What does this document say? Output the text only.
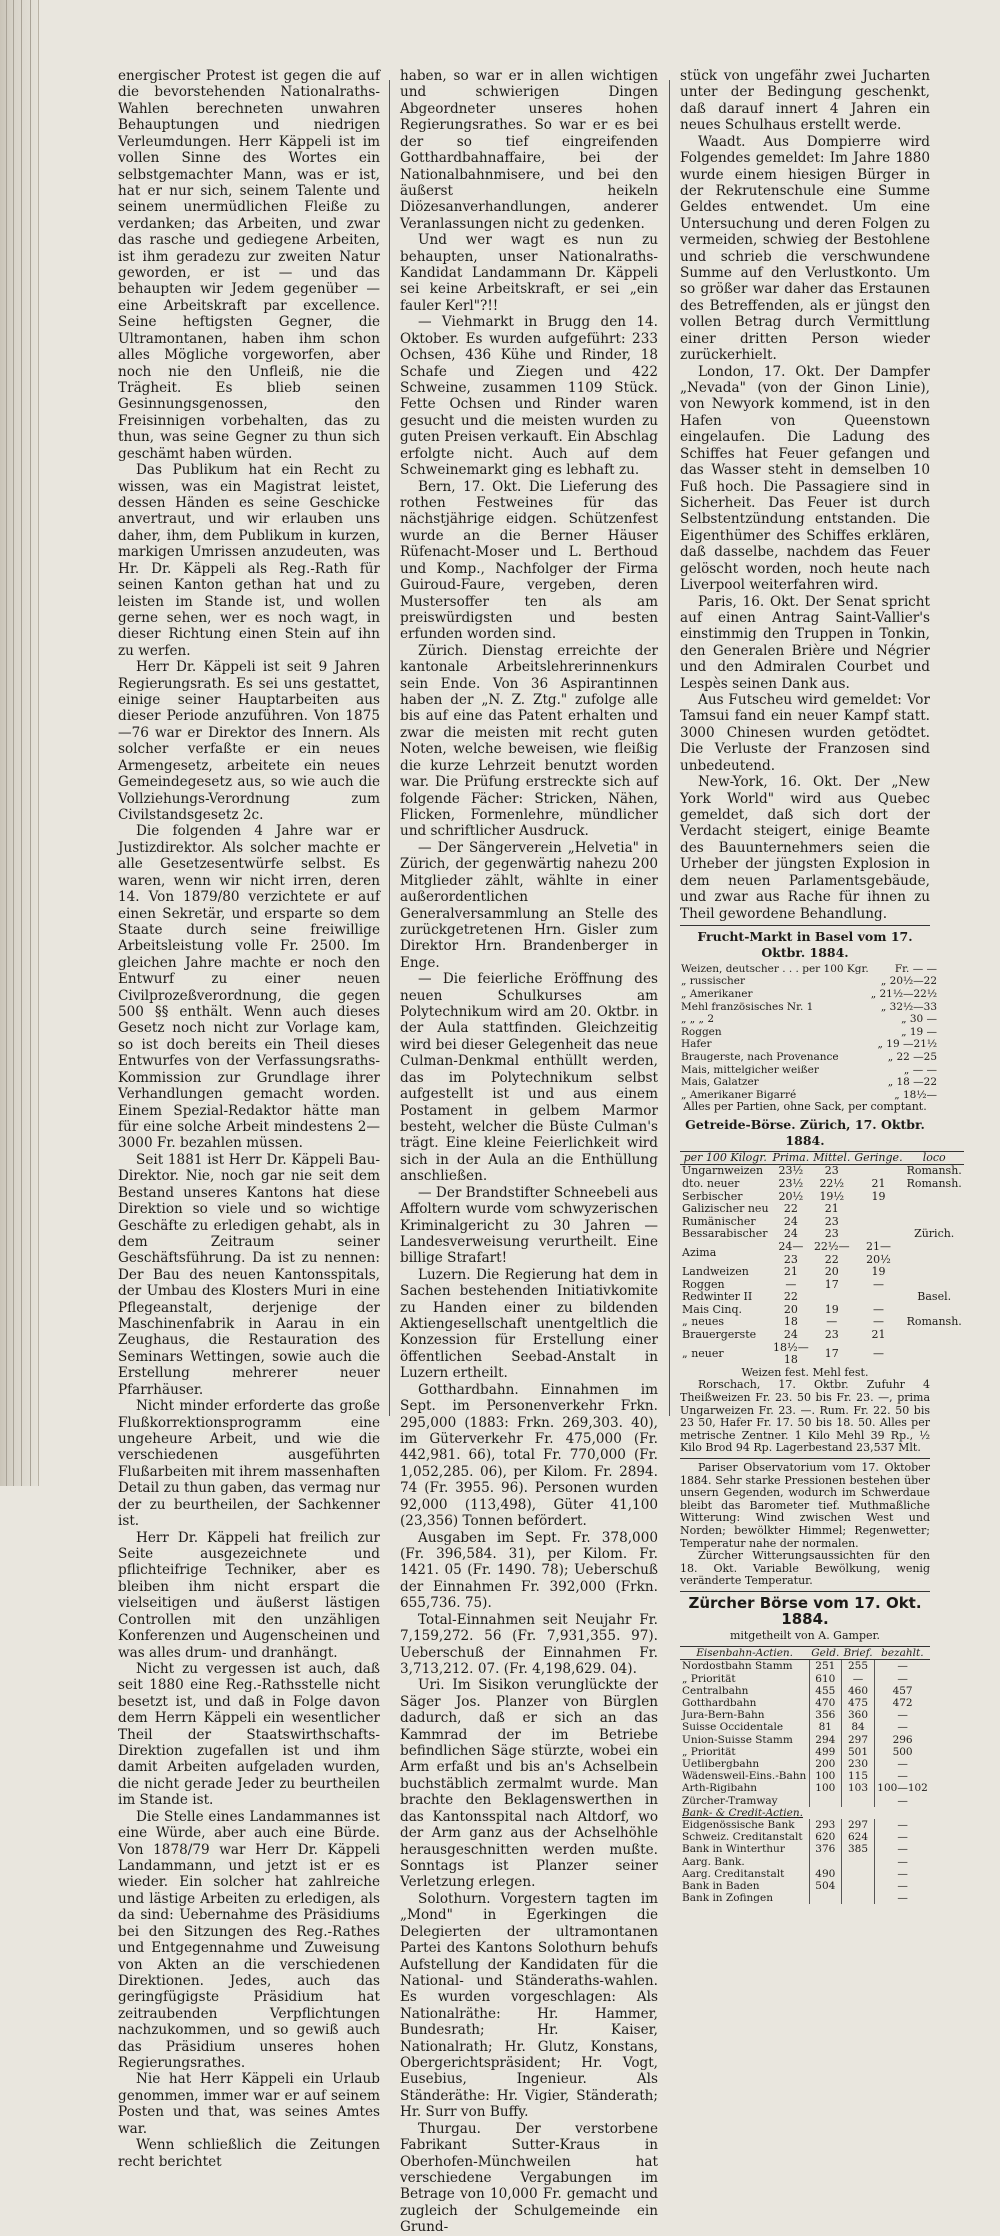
energischer Protest ist gegen die auf die bevorstehenden Nationalraths-Wahlen berechneten unwahren Behauptungen und niedrigen Verleumdungen. Herr Käppeli ist im vollen Sinne des Wortes ein selbstgemachter Mann, was er ist, hat er nur sich, seinem Talente und seinem unermüdlichen Fleiße zu verdanken; das Arbeiten, und zwar das rasche und gediegene Arbeiten, ist ihm geradezu zur zweiten Natur geworden, er ist — und das behaupten wir Jedem gegenüber — eine Arbeitskraft par excellence. Seine heftigsten Gegner, die Ultramontanen, haben ihm schon alles Mögliche vorgeworfen, aber noch nie den Unfleiß, nie die Trägheit. Es blieb seinen Gesinnungsgenossen, den Freisinnigen vorbehalten, das zu thun, was seine Gegner zu thun sich geschämt haben würden.

Das Publikum hat ein Recht zu wissen, was ein Magistrat leistet, dessen Händen es seine Geschicke anvertraut, und wir erlauben uns daher, ihm, dem Publikum in kurzen, markigen Umrissen anzudeuten, was Hr. Dr. Käppeli als Reg.-Rath für seinen Kanton gethan hat und zu leisten im Stande ist, und wollen gerne sehen, wer es noch wagt, in dieser Richtung einen Stein auf ihn zu werfen.

Herr Dr. Käppeli ist seit 9 Jahren Regierungsrath. Es sei uns gestattet, einige seiner Hauptarbeiten aus dieser Periode anzuführen. Von 1875—76 war er Direktor des Innern. Als solcher verfaßte er ein neues Armengesetz, arbeitete ein neues Gemeindegesetz aus, so wie auch die Vollziehungs-Verordnung zum Civilstandsgesetz 2c.

Die folgenden 4 Jahre war er Justizdirektor. Als solcher machte er alle Gesetzesentwürfe selbst. Es waren, wenn wir nicht irren, deren 14. Von 1879/80 verzichtete er auf einen Sekretär, und ersparte so dem Staate durch seine freiwillige Arbeitsleistung volle Fr. 2500. Im gleichen Jahre machte er noch den Entwurf zu einer neuen Civilprozeßverordnung, die gegen 500 §§ enthält. Wenn auch dieses Gesetz noch nicht zur Vorlage kam, so ist doch bereits ein Theil dieses Entwurfes von der Verfassungsraths-Kommission zur Grundlage ihrer Verhandlungen gemacht worden. Einem Spezial-Redaktor hätte man für eine solche Arbeit mindestens 2—3000 Fr. bezahlen müssen.

Seit 1881 ist Herr Dr. Käppeli Bau-Direktor. Nie, noch gar nie seit dem Bestand unseres Kantons hat diese Direktion so viele und so wichtige Geschäfte zu erledigen gehabt, als in dem Zeitraum seiner Geschäftsführung. Da ist zu nennen: Der Bau des neuen Kantonsspitals, der Umbau des Klosters Muri in eine Pflegeanstalt, derjenige der Maschinenfabrik in Aarau in ein Zeughaus, die Restauration des Seminars Wettingen, sowie auch die Erstellung mehrerer neuer Pfarrhäuser.

Nicht minder erforderte das große Flußkorrektionsprogramm eine ungeheure Arbeit, und wie die verschiedenen ausgeführten Flußarbeiten mit ihrem massenhaften Detail zu thun gaben, das vermag nur der zu beurtheilen, der Sachkenner ist.

Herr Dr. Käppeli hat freilich zur Seite ausgezeichnete und pflichteifrige Techniker, aber es bleiben ihm nicht erspart die vielseitigen und äußerst lästigen Controllen mit den unzähligen Konferenzen und Augenscheinen und was alles drum- und dranhängt.

Nicht zu vergessen ist auch, daß seit 1880 eine Reg.-Rathsstelle nicht besetzt ist, und daß in Folge davon dem Herrn Käppeli ein wesentlicher Theil der Staatswirthschafts-Direktion zugefallen ist und ihm damit Arbeiten aufgeladen wurden, die nicht gerade Jeder zu beurtheilen im Stande ist.

Die Stelle eines Landammannes ist eine Würde, aber auch eine Bürde. Von 1878/79 war Herr Dr. Käppeli Landammann, und jetzt ist er es wieder. Ein solcher hat zahlreiche und lästige Arbeiten zu erledigen, als da sind: Uebernahme des Präsidiums bei den Sitzungen des Reg.-Rathes und Entgegennahme und Zuweisung von Akten an die verschiedenen Direktionen. Jedes, auch das geringfügigste Präsidium hat zeitraubenden Verpflichtungen nachzukommen, und so gewiß auch das Präsidium unseres hohen Regierungsrathes.

Nie hat Herr Käppeli ein Urlaub genommen, immer war er auf seinem Posten und that, was seines Amtes war.

Wenn schließlich die Zeitungen recht berichtet

haben, so war er in allen wichtigen und schwierigen Dingen Abgeordneter unseres hohen Regierungsrathes. So war er es bei der so tief eingreifenden Gotthardbahnaffaire, bei der Nationalbahnmisere, und bei den äußerst heikeln Diözesanverhandlungen, anderer Veranlassungen nicht zu gedenken.

Und wer wagt es nun zu behaupten, unser Nationalraths-Kandidat Landammann Dr. Käppeli sei keine Arbeitskraft, er sei „ein fauler Kerl"?!!

— Viehmarkt in Brugg den 14. Oktober. Es wurden aufgeführt: 233 Ochsen, 436 Kühe und Rinder, 18 Schafe und Ziegen und 422 Schweine, zusammen 1109 Stück. Fette Ochsen und Rinder waren gesucht und die meisten wurden zu guten Preisen verkauft. Ein Abschlag erfolgte nicht. Auch auf dem Schweinemarkt ging es lebhaft zu.

Bern, 17. Okt. Die Lieferung des rothen Festweines für das nächstjährige eidgen. Schützenfest wurde an die Berner Häuser Rüfenacht-Moser und L. Berthoud und Komp., Nachfolger der Firma Guiroud-Faure, vergeben, deren Mustersoffer ten als am preiswürdigsten und besten erfunden worden sind.

Zürich. Dienstag erreichte der kantonale Arbeitslehrerinnenkurs sein Ende. Von 36 Aspirantinnen haben der „N. Z. Ztg." zufolge alle bis auf eine das Patent erhalten und zwar die meisten mit recht guten Noten, welche beweisen, wie fleißig die kurze Lehrzeit benutzt worden war. Die Prüfung erstreckte sich auf folgende Fächer: Stricken, Nähen, Flicken, Formenlehre, mündlicher und schriftlicher Ausdruck.

— Der Sängerverein „Helvetia" in Zürich, der gegenwärtig nahezu 200 Mitglieder zählt, wählte in einer außerordentlichen Generalversammlung an Stelle des zurückgetretenen Hrn. Gisler zum Direktor Hrn. Brandenberger in Enge.

— Die feierliche Eröffnung des neuen Schulkurses am Polytechnikum wird am 20. Oktbr. in der Aula stattfinden. Gleichzeitig wird bei dieser Gelegenheit das neue Culman-Denkmal enthüllt werden, das im Polytechnikum selbst aufgestellt ist und aus einem Postament in gelbem Marmor besteht, welcher die Büste Culman's trägt. Eine kleine Feierlichkeit wird sich in der Aula an die Enthüllung anschließen.

— Der Brandstifter Schneebeli aus Affoltern wurde vom schwyzerischen Kriminalgericht zu 30 Jahren — Landesverweisung verurtheilt. Eine billige Strafart!

Luzern. Die Regierung hat dem in Sachen bestehenden Initiativkomite zu Handen einer zu bildenden Aktiengesellschaft unentgeltlich die Konzession für Erstellung einer öffentlichen Seebad-Anstalt in Luzern ertheilt.

Gotthardbahn. Einnahmen im Sept. im Personenverkehr Frkn. 295,000 (1883: Frkn. 269,303. 40), im Güterverkehr Fr. 475,000 (Fr. 442,981. 66), total Fr. 770,000 (Fr. 1,052,285. 06), per Kilom. Fr. 2894. 74 (Fr. 3955. 96). Personen wurden 92,000 (113,498), Güter 41,100 (23,356) Tonnen befördert.

Ausgaben im Sept. Fr. 378,000 (Fr. 396,584. 31), per Kilom. Fr. 1421. 05 (Fr. 1490. 78); Ueberschuß der Einnahmen Fr. 392,000 (Frkn. 655,736. 75).

Total-Einnahmen seit Neujahr Fr. 7,159,272. 56 (Fr. 7,931,355. 97). Ueberschuß der Einnahmen Fr. 3,713,212. 07. (Fr. 4,198,629. 04).

Uri. Im Sisikon verunglückte der Säger Jos. Planzer von Bürglen dadurch, daß er sich an das Kammrad der im Betriebe befindlichen Säge stürzte, wobei ein Arm erfaßt und bis an's Achselbein buchstäblich zermalmt wurde. Man brachte den Beklagenswerthen in das Kantonsspital nach Altdorf, wo der Arm ganz aus der Achselhöhle herausgeschnitten werden mußte. Sonntags ist Planzer seiner Verletzung erlegen.

Solothurn. Vorgestern tagten im „Mond" in Egerkingen die Delegierten der ultramontanen Partei des Kantons Solothurn behufs Aufstellung der Kandidaten für die National- und Ständeraths-wahlen. Es wurden vorgeschlagen: Als Nationalräthe: Hr. Hammer, Bundesrath; Hr. Kaiser, Nationalrath; Hr. Glutz, Konstans, Obergerichtspräsident; Hr. Vogt, Eusebius, Ingenieur. Als Ständeräthe: Hr. Vigier, Ständerath; Hr. Surr von Buffy.

Thurgau. Der verstorbene Fabrikant Sutter-Kraus in Oberhofen-Münchweilen hat verschiedene Vergabungen im Betrage von 10,000 Fr. gemacht und zugleich der Schulgemeinde ein Grund-

stück von ungefähr zwei Jucharten unter der Bedingung geschenkt, daß darauf innert 4 Jahren ein neues Schulhaus erstellt werde.

Waadt. Aus Dompierre wird Folgendes gemeldet: Im Jahre 1880 wurde einem hiesigen Bürger in der Rekrutenschule eine Summe Geldes entwendet. Um eine Untersuchung und deren Folgen zu vermeiden, schwieg der Bestohlene und schrieb die verschwundene Summe auf den Verlustkonto. Um so größer war daher das Erstaunen des Betreffenden, als er jüngst den vollen Betrag durch Vermittlung einer dritten Person wieder zurückerhielt.

London, 17. Okt. Der Dampfer „Nevada" (von der Ginon Linie), von Newyork kommend, ist in den Hafen von Queenstown eingelaufen. Die Ladung des Schiffes hat Feuer gefangen und das Wasser steht in demselben 10 Fuß hoch. Die Passagiere sind in Sicherheit. Das Feuer ist durch Selbstentzündung entstanden. Die Eigenthümer des Schiffes erklären, daß dasselbe, nachdem das Feuer gelöscht worden, noch heute nach Liverpool weiterfahren wird.

Paris, 16. Okt. Der Senat spricht auf einen Antrag Saint-Vallier's einstimmig den Truppen in Tonkin, den Generalen Brière und Négrier und den Admiralen Courbet und Lespès seinen Dank aus.

Aus Futscheu wird gemeldet: Vor Tamsui fand ein neuer Kampf statt. 3000 Chinesen wurden getödtet. Die Verluste der Franzosen sind unbedeutend.

New-York, 16. Okt. Der „New York World" wird aus Quebec gemeldet, daß sich dort der Verdacht steigert, einige Beamte des Bauunternehmers seien die Urheber der jüngsten Explosion in dem neuen Parlamentsgebäude, und zwar aus Rache für ihnen zu Theil gewordene Behandlung.

Frucht-Markt in Basel vom 17. Oktbr. 1884.
Weizen, deutscher . . . per 100 Kgr.	Fr. — —
„ russischer	„ 20½—22
„ Amerikaner	„ 21½—22½
Mehl französisches Nr. 1	„ 32½—33
„ „ „ 2	„ 30 —
Roggen	„ 19 —
Hafer	„ 19 —21½
Braugerste, nach Provenance	„ 22 —25
Mais, mittelgicher weißer	„ — —
Mais, Galatzer	„ 18 —22
„ Amerikaner Bigarré	„ 18½—
Alles per Partien, ohne Sack, per comptant.
Getreide-Börse. Zürich, 17. Oktbr. 1884.
per 100 Kilogr.	Prima.	Mittel.	Geringe.	loco
Ungarnweizen	23½	23		Romansh.
dto. neuer	23½	22½	21	Romansh.
Serbischer	20½	19½	19	
Galizischer neu	22	21		
Rumänischer	24	23		
Bessarabischer	24	23		Zürich.
Azima	24—23	22½—22	21—20½	
Landweizen	21	20	19	
Roggen	—	17	—	
Redwinter II	22			Basel.
Mais Cinq.	20	19	—	
„ neues	18	—	—	Romansh.
Brauergerste	24	23	21	
„ neuer	18½—18	17	—	
Weizen fest. Mehl fest.

Rorschach, 17. Oktbr. Zufuhr 4 Theißweizen Fr. 23. 50 bis Fr. 23. —, prima Ungarweizen Fr. 23. —. Rum. Fr. 22. 50 bis 23 50, Hafer Fr. 17. 50 bis 18. 50. Alles per metrische Zentner. 1 Kilo Mehl 39 Rp., ½ Kilo Brod 94 Rp. Lagerbestand 23,537 Mlt.

Pariser Observatorium vom 17. Oktober 1884. Sehr starke Pressionen bestehen über unsern Gegenden, wodurch im Schwerdaue bleibt das Barometer tief. Muthmaßliche Witterung: Wind zwischen West und Norden; bewölkter Himmel; Regenwetter; Temperatur nahe der normalen.

Zürcher Witterungsaussichten für den 18. Okt. Variable Bewölkung, wenig veränderte Temperatur.

Zürcher Börse vom 17. Okt. 1884.
mitgetheilt von A. Gamper.
Eisenbahn-Actien.	Geld.	Brief.	bezahlt.
Nordostbahn Stamm	251	255	—
„ Priorität	610	—	—
Centralbahn	455	460	457
Gotthardbahn	470	475	472
Jura-Bern-Bahn	356	360	—
Suisse Occidentale	81	84	—
Union-Suisse Stamm	294	297	296
„ Priorität	499	501	500
Uetlibergbahn	200	230	—
Wädensweil-Eins.-Bahn	100	115	—
Arth-Rigibahn	100	103	100—102
Zürcher-Tramway			—
Bank- & Credit-Actien.			
Eidgenössische Bank	293	297	—
Schweiz. Creditanstalt	620	624	—
Bank in Winterthur	376	385	—
Aarg. Bank.			—
Aarg. Creditanstalt	490		—
Bank in Baden	504		—
Bank in Zofingen			—
